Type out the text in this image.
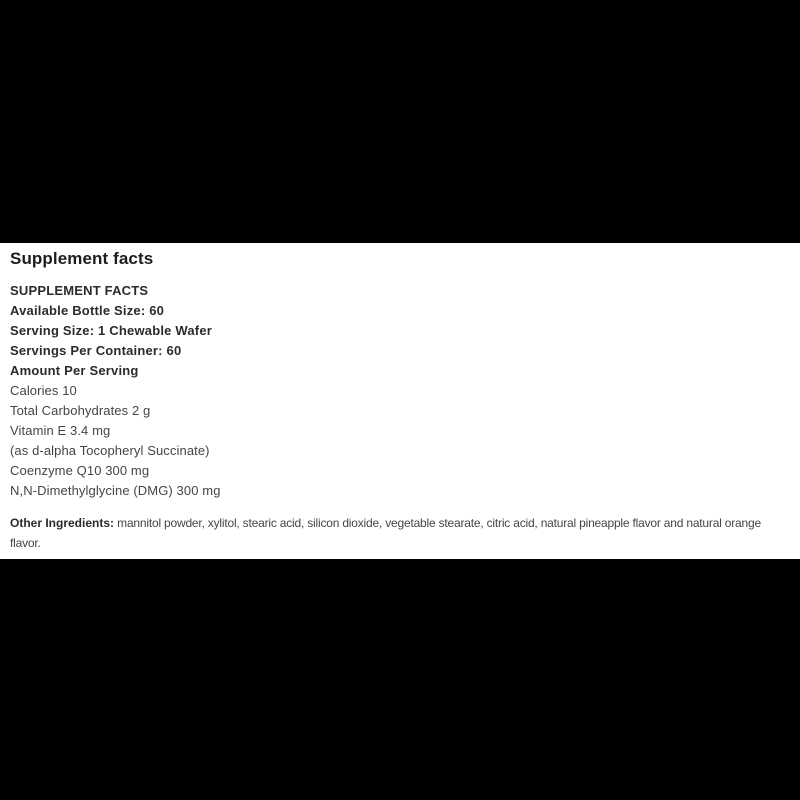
Supplement facts
SUPPLEMENT FACTS
Available Bottle Size: 60
Serving Size: 1 Chewable Wafer
Servings Per Container: 60
Amount Per Serving
Calories 10
Total Carbohydrates 2 g
Vitamin E 3.4 mg
(as d-alpha Tocopheryl Succinate)
Coenzyme Q10 300 mg
N,N-Dimethylglycine (DMG) 300 mg

Other Ingredients: mannitol powder, xylitol, stearic acid, silicon dioxide, vegetable stearate, citric acid, natural pineapple flavor and natural orange flavor.
